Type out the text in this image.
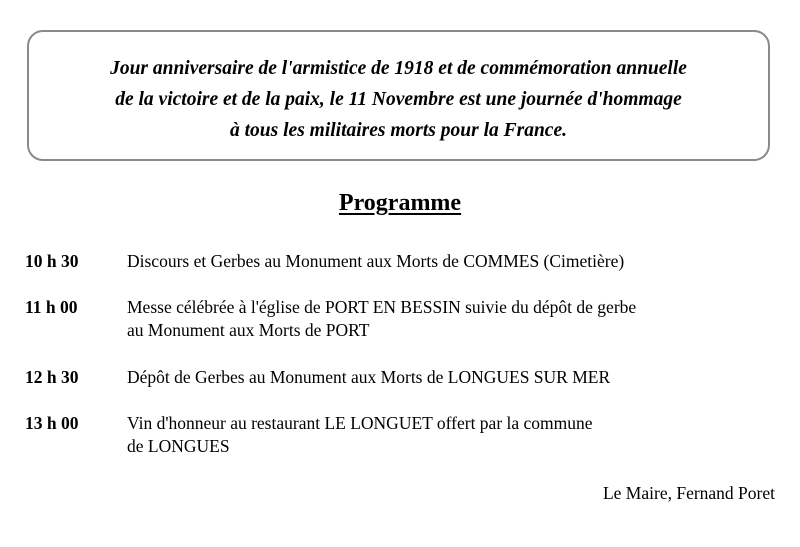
Jour anniversaire de l'armistice de 1918 et de commémoration annuelle
de la victoire et de la paix, le 11 Novembre est une journée d'hommage
à tous les militaires morts pour la France.
Programme
10 h 30	Discours et Gerbes au Monument aux Morts de COMMES (Cimetière)
11 h 00	Messe célébrée à l'église de PORT EN BESSIN suivie du dépôt de gerbe
au Monument aux Morts de PORT
12 h 30	Dépôt de Gerbes au Monument aux Morts de LONGUES SUR MER
13 h 00	Vin d'honneur au restaurant LE LONGUET offert par la commune
de LONGUES
Le Maire, Fernand Poret
